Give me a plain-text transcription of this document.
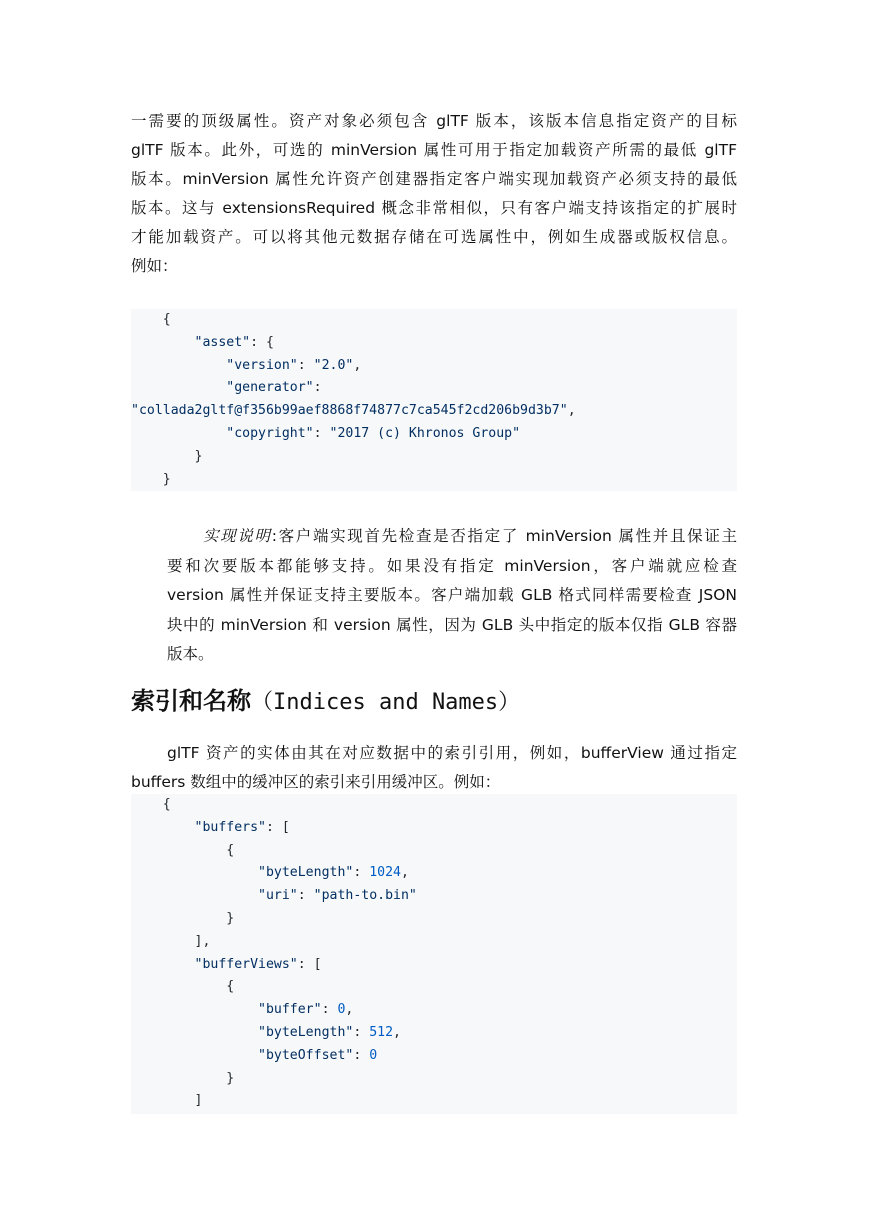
一需要的顶级属性。资产对象必须包含 glTF 版本，该版本信息指定资产的目标
glTF 版本。此外，可选的 minVersion 属性可用于指定加载资产所需的最低 glTF
版本。minVersion 属性允许资产创建器指定客户端实现加载资产必须支持的最低
版本。这与 extensionsRequired 概念非常相似，只有客户端支持该指定的扩展时
才能加载资产。可以将其他元数据存储在可选属性中，例如生成器或版权信息。
例如：
{
"asset": {
"version": "2.0",
"generator":
"collada2gltf@f356b99aef8868f74877c7ca545f2cd206b9d3b7",
"copyright": "2017 (c) Khronos Group"
}
}
实现说明:客户端实现首先检查是否指定了 minVersion 属性并且保证主
要和次要版本都能够支持。如果没有指定 minVersion，客户端就应检查
version 属性并保证支持主要版本。客户端加载 GLB 格式同样需要检查 JSON
块中的 minVersion 和 version 属性，因为 GLB 头中指定的版本仅指 GLB 容器
版本。
索引和名称（Indices and Names）
glTF 资产的实体由其在对应数据中的索引引用，例如，bufferView 通过指定
buffers 数组中的缓冲区的索引来引用缓冲区。例如：
{
"buffers": [
{
"byteLength": 1024,
"uri": "path-to.bin"
}
],
"bufferViews": [
{
"buffer": 0,
"byteLength": 512,
"byteOffset": 0
}
]
